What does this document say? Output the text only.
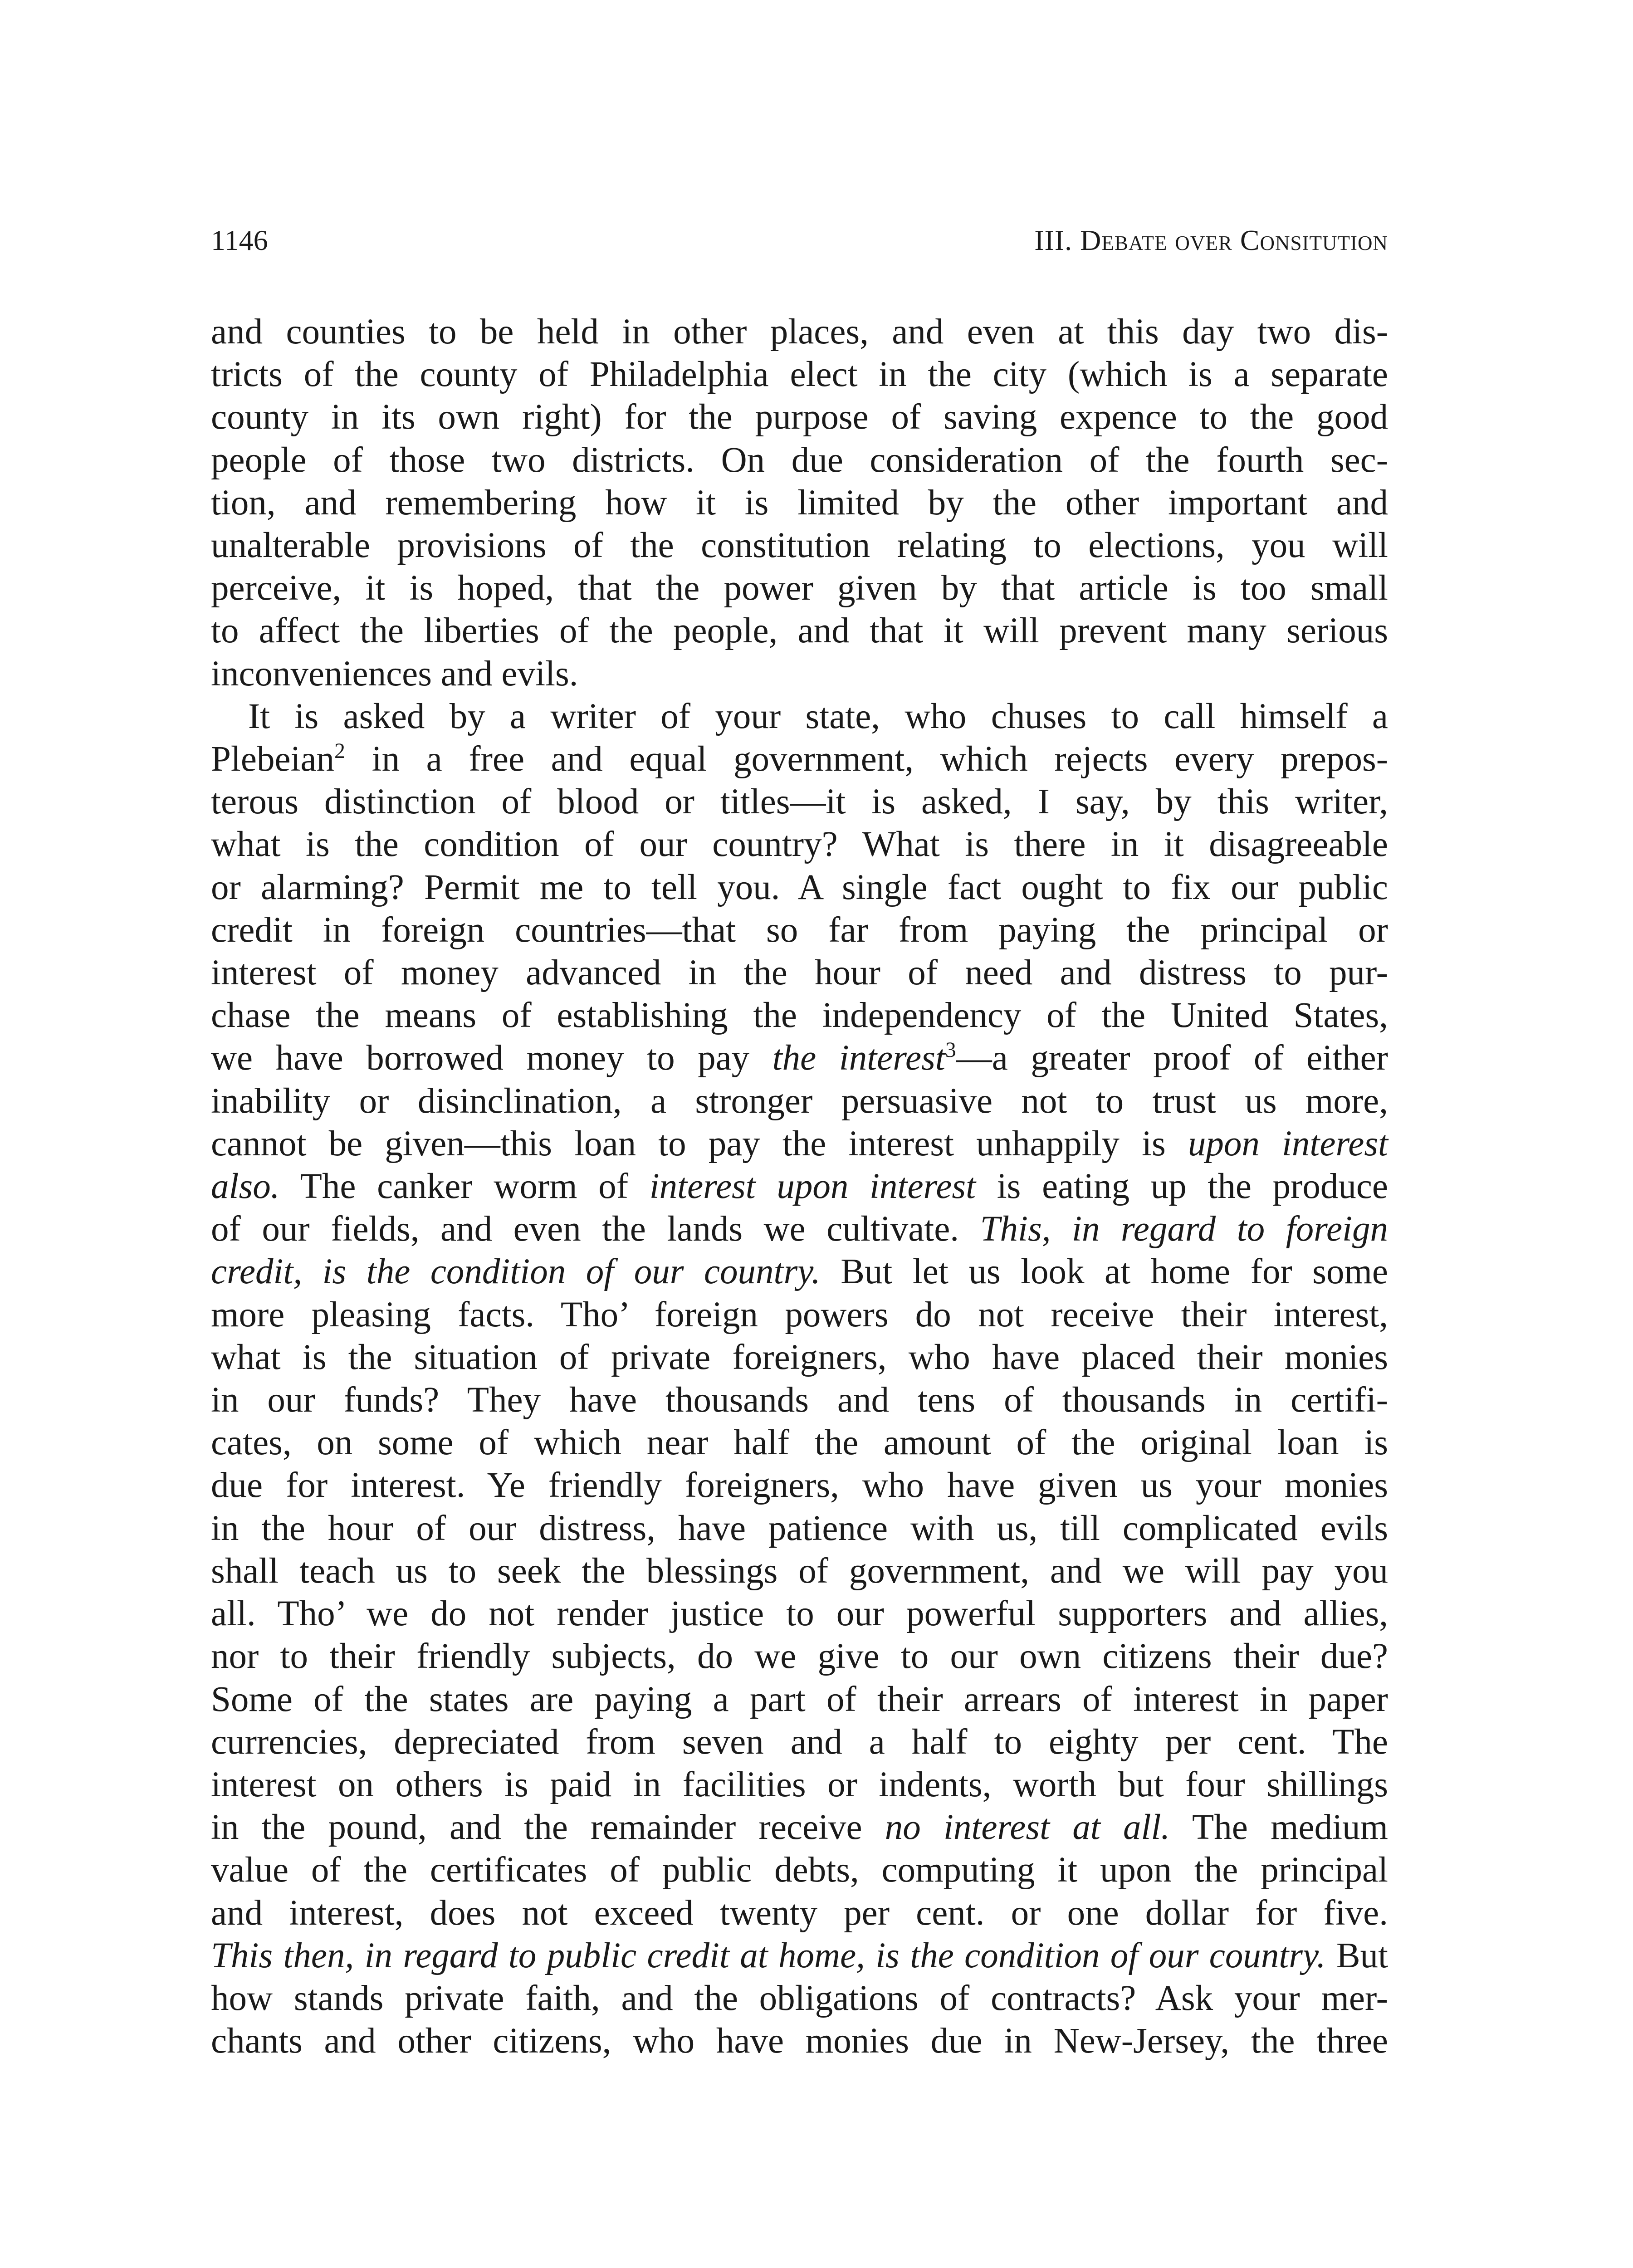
1146	III. Debate over Consitution

and counties to be held in other places, and even at this day two dis-
tricts of the county of Philadelphia elect in the city (which is a separate
county in its own right) for the purpose of saving expence to the good
people of those two districts. On due consideration of the fourth sec-
tion, and remembering how it is limited by the other important and
unalterable provisions of the constitution relating to elections, you will
perceive, it is hoped, that the power given by that article is too small
to affect the liberties of the people, and that it will prevent many serious
inconveniences and evils.

It is asked by a writer of your state, who chuses to call himself a
Plebeian$^2$ in a free and equal government, which rejects every prepos-
terous distinction of blood or titles—it is asked, I say, by this writer,
what is the condition of our country? What is there in it disagreeable
or alarming? Permit me to tell you. A single fact ought to fix our public
credit in foreign countries—that so far from paying the principal or
interest of money advanced in the hour of need and distress to pur-
chase the means of establishing the independency of the United States,
we have borrowed money to pay the interest$^3$—a greater proof of either
inability or disinclination, a stronger persuasive not to trust us more,
cannot be given—this loan to pay the interest unhappily is upon interest
also. The canker worm of interest upon interest is eating up the produce
of our fields, and even the lands we cultivate. This, in regard to foreign
credit, is the condition of our country. But let us look at home for some
more pleasing facts. Tho’ foreign powers do not receive their interest,
what is the situation of private foreigners, who have placed their monies
in our funds? They have thousands and tens of thousands in certifi-
cates, on some of which near half the amount of the original loan is
due for interest. Ye friendly foreigners, who have given us your monies
in the hour of our distress, have patience with us, till complicated evils
shall teach us to seek the blessings of government, and we will pay you
all. Tho’ we do not render justice to our powerful supporters and allies,
nor to their friendly subjects, do we give to our own citizens their due?
Some of the states are paying a part of their arrears of interest in paper
currencies, depreciated from seven and a half to eighty per cent. The
interest on others is paid in facilities or indents, worth but four shillings
in the pound, and the remainder receive no interest at all. The medium
value of the certificates of public debts, computing it upon the principal
and interest, does not exceed twenty per cent. or one dollar for five.
This then, in regard to public credit at home, is the condition of our country. But
how stands private faith, and the obligations of contracts? Ask your mer-
chants and other citizens, who have monies due in New-Jersey, the three
